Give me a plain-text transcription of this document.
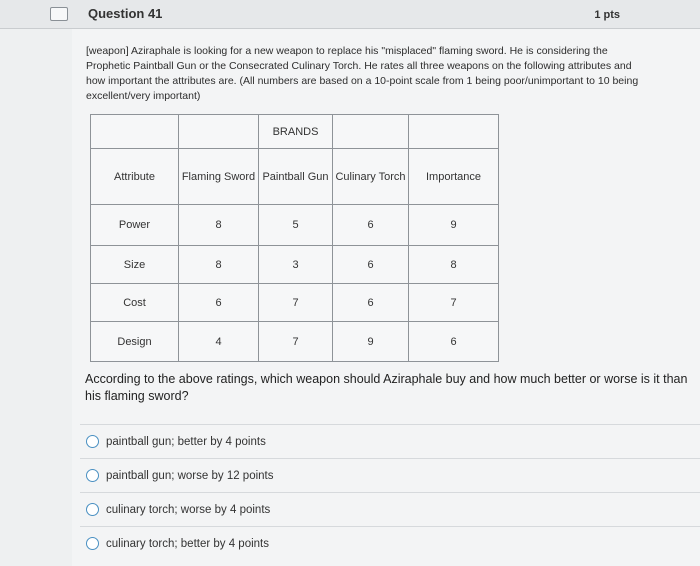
Question 41	1 pts
[weapon] Aziraphale is looking for a new weapon to replace his "misplaced" flaming sword. He is considering the Prophetic Paintball Gun or the Consecrated Culinary Torch. He rates all three weapons on the following attributes and how important the attributes are. (All numbers are based on a 10-point scale from 1 being poor/unimportant to 10 being excellent/very important)
		BRANDS		
Attribute	Flaming Sword	Paintball Gun	Culinary Torch	Importance
Power	8	5	6	9
Size	8	3	6	8
Cost	6	7	6	7
Design	4	7	9	6
According to the above ratings, which weapon should Aziraphale buy and how much better or worse is it than his flaming sword?
paintball gun; better by 4 points
paintball gun; worse by 12 points
culinary torch; worse by 4 points
culinary torch; better by 4 points
